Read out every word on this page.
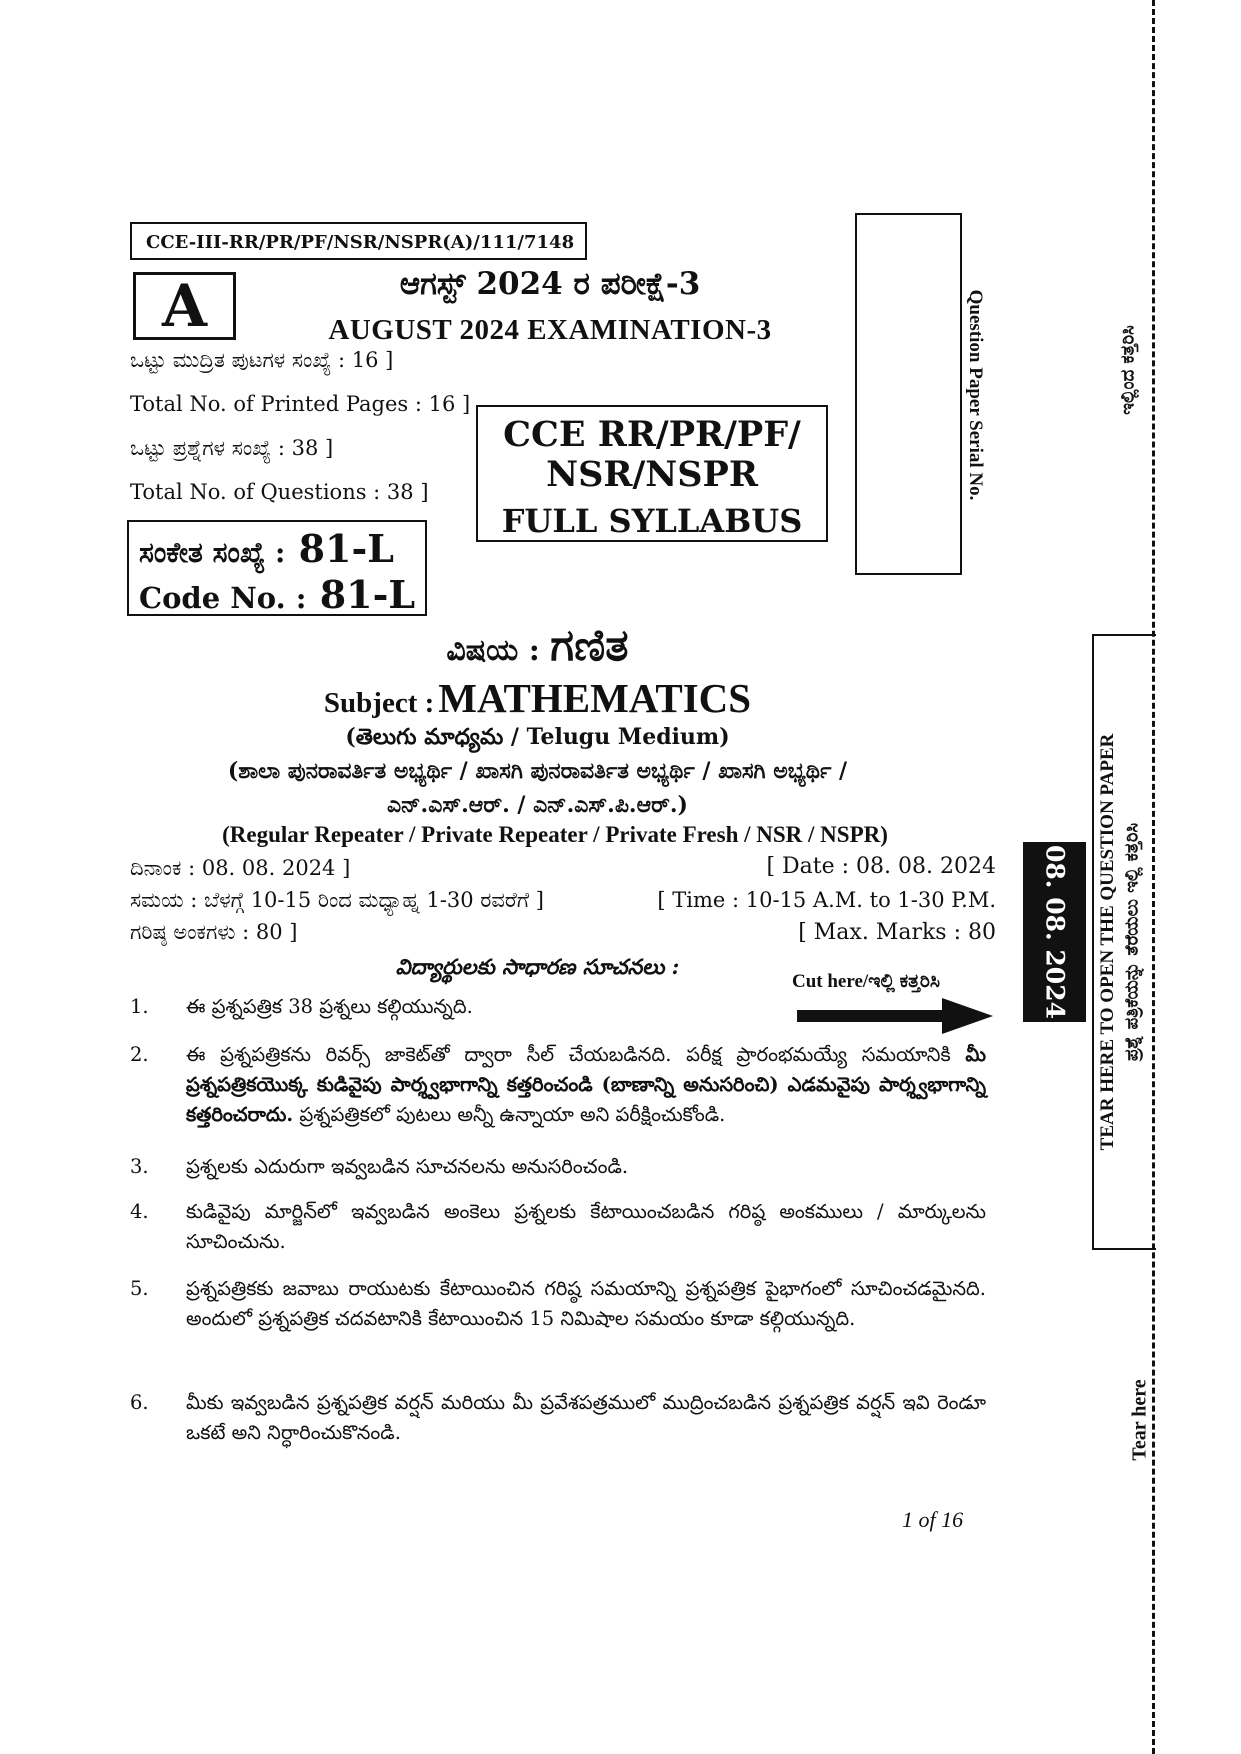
CCE-III-RR/PR/PF/NSR/NSPR(A)/111/7148
A	ಆಗಸ್ಟ್ 2024 ರ ಪರೀಕ್ಷೆ-3
AUGUST 2024 EXAMINATION-3
ಒಟ್ಟು ಮುದ್ರಿತ ಪುಟಗಳ ಸಂಖ್ಯೆ : 16 ]
Total No. of Printed Pages : 16 ]
ಒಟ್ಟು ಪ್ರಶ್ನೆಗಳ ಸಂಖ್ಯೆ : 38 ]
Total No. of Questions : 38 ]
CCE RR/PR/PF/
NSR/NSPR
FULL SYLLABUS
ಸಂಕೇತ ಸಂಖ್ಯೆ : 81-L
Code No. : 81-L
Question Paper Serial No.
ವಿಷಯ : ಗಣಿತ
Subject : MATHEMATICS
(తెలుగు మాధ్యమ / Telugu Medium)
(ಶಾಲಾ ಪುನರಾವರ್ತಿತ ಅಭ್ಯರ್ಥಿ / ಖಾಸಗಿ ಪುನರಾವರ್ತಿತ ಅಭ್ಯರ್ಥಿ / ಖಾಸಗಿ ಅಭ್ಯರ್ಥಿ /
ಎನ್.ಎಸ್.ಆರ್. / ಎನ್.ಎಸ್.ಪಿ.ಆರ್.)
(Regular Repeater / Private Repeater / Private Fresh / NSR / NSPR)
ದಿನಾಂಕ : 08. 08. 2024 ]	[ Date : 08. 08. 2024
ಸಮಯ : ಬೆಳಗ್ಗೆ 10-15 ರಿಂದ ಮಧ್ಯಾಹ್ನ 1-30 ರವರೆಗೆ ]	[ Time : 10-15 A.M. to 1-30 P.M.
ಗರಿಷ್ಠ ಅಂಕಗಳು : 80 ]	[ Max. Marks : 80
విద్యార్థులకు సాధారణ సూచనలు :
Cut here/ಇಲ್ಲಿ ಕತ್ತರಿಸಿ
1. ఈ ప్రశ్నపత్రిక 38 ప్రశ్నలు కల్గియున్నది.
2. ఈ ప్రశ్నపత్రికను రివర్స్ జాకెట్‌తో ద్వారా సీల్ చేయబడినది. పరీక్ష ప్రారంభమయ్యే సమయానికి మీ ప్రశ్నపత్రికయొక్క కుడివైపు పార్శ్వభాగాన్ని కత్తరించండి (బాణాన్ని అనుసరించి) ఎడమవైపు పార్శ్వభాగాన్ని కత్తరించరాదు. ప్రశ్నపత్రికలో పుటలు అన్నీ ఉన్నాయా అని పరీక్షించుకోండి.
3. ప్రశ్నలకు ఎదురుగా ఇవ్వబడిన సూచనలను అనుసరించండి.
4. కుడివైపు మార్జిన్‌లో ఇవ్వబడిన అంకెలు ప్రశ్నలకు కేటాయించబడిన గరిష్ఠ అంకములు / మార్కులను సూచించును.
5. ప్రశ్నపత్రికకు జవాబు రాయుటకు కేటాయించిన గరిష్ఠ సమయాన్ని ప్రశ్నపత్రిక పైభాగంలో సూచించడమైనది. అందులో ప్రశ్నపత్రిక చదవటానికి కేటాయించిన 15 నిమిషాల సమయం కూడా కల్గియున్నది.
6. మీకు ఇవ్వబడిన ప్రశ్నపత్రిక వర్షన్ మరియు మీ ప్రవేశపత్రములో ముద్రించబడిన ప్రశ్నపత్రిక వర్షన్ ఇవి రెండూ ఒకటే అని నిర్ధారించుకొనండి.
1 of 16
ಇಲ್ಲಿಂದ ಕತ್ತರಿಸಿ
TEAR HERE TO OPEN THE QUESTION PAPER ಪ್ರಶ್ನೆ ಪತ್ರಿಕೆಯನ್ನು ತೆರೆಯಲು ಇಲ್ಲಿ ಕತ್ತರಿಸಿ
08. 08. 2024
Tear here
